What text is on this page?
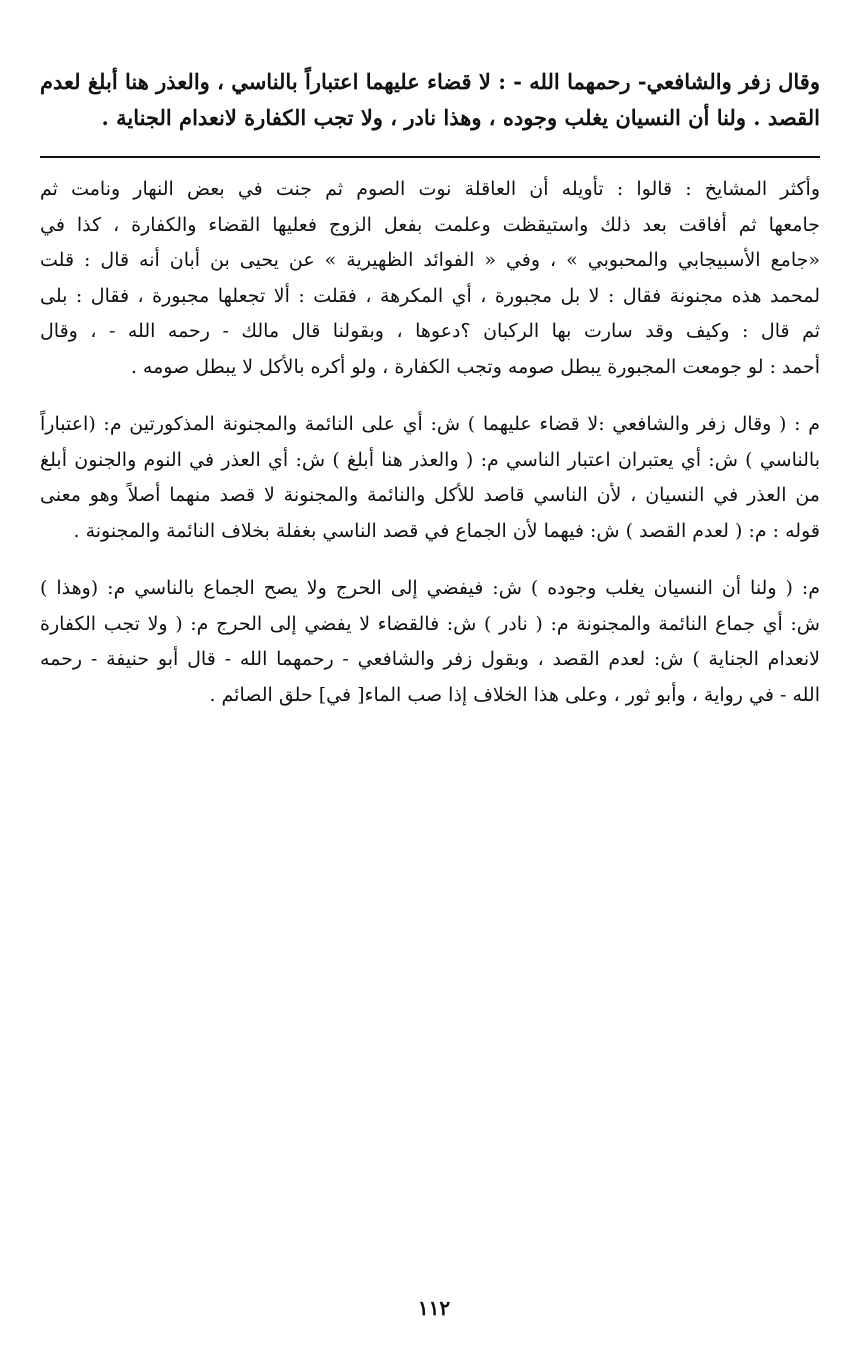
وقال زفر والشافعي- رحمهما الله - : لا قضاء عليهما اعتباراً بالناسي ، والعذر هنا أبلغ لعدم
القصد . ولنا أن النسيان يغلب وجوده ، وهذا نادر ، ولا تجب الكفارة لانعدام الجناية .
وأكثر المشايخ : قالوا : تأويله أن العاقلة نوت الصوم ثم جنت في بعض النهار ونامت ثم
جامعها ثم أفاقت بعد ذلك واستيقظت وعلمت بفعل الزوج فعليها القضاء والكفارة ، كذا في
«جامع الأسبيجابي والمحبوبي » ، وفي « الفوائد الظهيرية » عن يحيى بن أبان أنه قال : قلت
لمحمد هذه مجنونة فقال : لا بل مجبورة ، أي المكرهة ، فقلت : ألا تجعلها مجبورة ، فقال : بلى
ثم قال : وكيف وقد سارت بها الركبان ؟دعوها ، وبقولنا قال مالك - رحمه الله - ، وقال
أحمد : لو جومعت المجبورة يبطل صومه وتجب الكفارة ، ولو أكره بالأكل لا يبطل صومه .
م : ( وقال زفر والشافعي :لا قضاء عليهما ) ش: أي على النائمة والمجنونة المذكورتين م: (اعتباراً
بالناسي ) ش: أي يعتبران اعتبار الناسي م: ( والعذر هنا أبلغ ) ش: أي العذر في النوم والجنون أبلغ
من العذر في النسيان ، لأن الناسي قاصد للأكل والنائمة والمجنونة لا قصد منهما أصلاً وهو معنى
قوله : م: ( لعدم القصد ) ش: فيهما لأن الجماع في قصد الناسي بغفلة بخلاف النائمة والمجنونة .
م: ( ولنا أن النسيان يغلب وجوده ) ش: فيفضي إلى الحرج ولا يصح الجماع بالناسي م: (وهذا )
ش: أي جماع النائمة والمجنونة م: ( نادر ) ش: فالقضاء لا يفضي إلى الحرج م: ( ولا تجب الكفارة
لانعدام الجناية ) ش: لعدم القصد ، وبقول زفر والشافعي - رحمهما الله - قال أبو حنيفة - رحمه
الله - في رواية ، وأبو ثور ، وعلى هذا الخلاف إذا صب الماء[ في] حلق الصائم .
١١٢
